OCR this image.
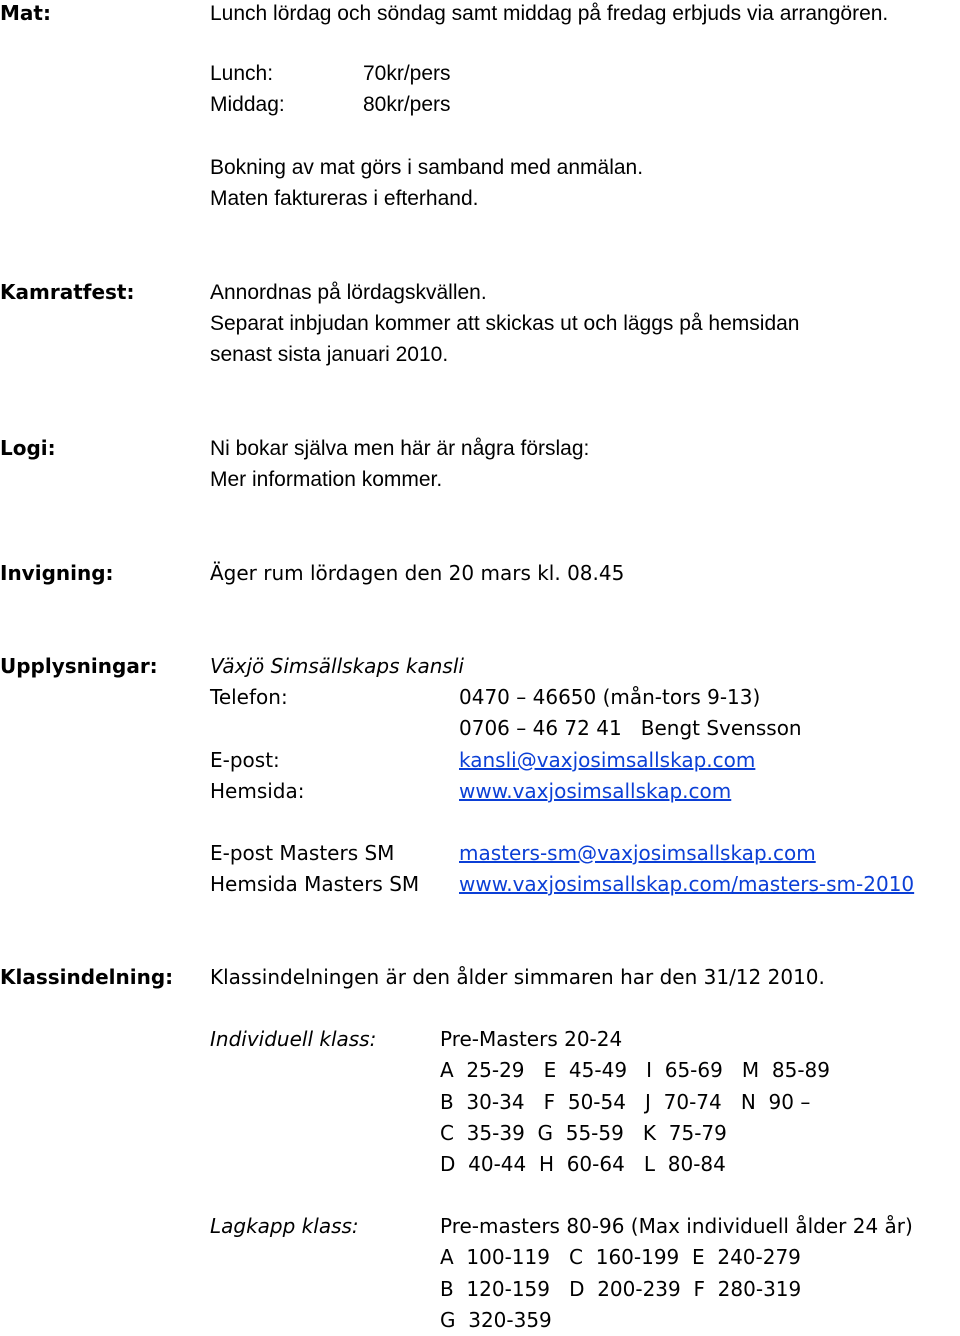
Mat:	Lunch lördag och söndag samt middag på fredag erbjuds via arrangören.
Lunch:	70kr/pers
Middag:	80kr/pers
Bokning av mat görs i samband med anmälan.
Maten faktureras i efterhand.
Kamratfest:	Annordnas på lördagskvällen.
Separat inbjudan kommer att skickas ut och läggs på hemsidan
senast sista januari 2010.
Logi:	Ni bokar själva men här är några förslag:
Mer information kommer.
Invigning:	Äger rum lördagen den 20 mars kl. 08.45
Upplysningar:	Växjö Simsällskaps kansli
Telefon:	0470 – 46650 (mån-tors 9-13)
0706 – 46 72 41   Bengt Svensson
E-post:	kansli@vaxjosimsallskap.com
Hemsida:	www.vaxjosimsallskap.com
E-post Masters SM	masters-sm@vaxjosimsallskap.com
Hemsida Masters SM www.vaxjosimsallskap.com/masters-sm-2010
Klassindelning: Klassindelningen är den ålder simmaren har den 31/12 2010.
Individuell klass:	Pre-Masters 20-24
A  25-29   E  45-49   I  65-69   M  85-89
B  30-34   F  50-54   J  70-74   N  90 –
C  35-39  G  55-59   K  75-79
D  40-44  H  60-64   L  80-84
Lagkapp klass:	Pre-masters 80-96 (Max individuell ålder 24 år)
A  100-119   C  160-199  E  240-279
B  120-159   D  200-239  F  280-319
G  320-359
